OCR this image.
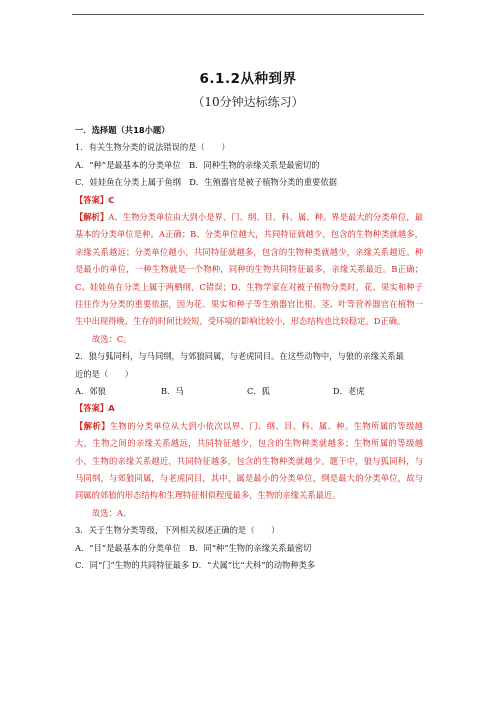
6.1.2从种到界
（10分钟达标练习）
一．选择题（共18小题）
1．有关生物分类的说法错误的是（　　）
A．“种”是最基本的分类单位　B．同种生物的亲缘关系是最密切的
C．娃娃鱼在分类上属于鱼纲　D．生殖器官是被子植物分类的重要依据
【答案】C
【解析】A、生物分类单位由大到小是界、门、纲、目、科、属、种。界是最大的分类单位，最基本的分类单位是种。A正确；B、分类单位越大，共同特征就越少，包含的生物种类就越多，亲缘关系越远；分类单位越小，共同特征就越多，包含的生物种类就越少，亲缘关系越近。种是最小的单位，一种生物就是一个物种，同种的生物共同特征最多，亲缘关系最近。B正确；C、娃娃鱼在分类上属于两栖纲，C错误；D、生物学家在对被子植物分类时，花、果实和种子往往作为分类的重要依据，因为花、果实和种子等生殖器官比根、茎、叶等营养器官在植物一生中出现得晚，生存的时间比较短，受环境的影响比较小，形态结构也比较稳定。D正确。
故选：C。
2．狼与狐同科，与马同纲，与郊狼同属，与老虎同目。在这些动物中，与狼的亲缘关系最
近的是（　　）
A．郊狼	B．马	C．狐	D．老虎
【答案】A
【解析】生物的分类单位从大到小依次以界、门、纲、目、科、属、种。生物所属的等级越大，生物之间的亲缘关系越远，共同特征越少，包含的生物种类就越多；生物所属的等级越小，生物的亲缘关系越近，共同特征越多，包含的生物种类就越少。题干中，狼与狐同科，与马同纲，与郊狼同属，与老虎同目，其中，属是最小的分类单位，纲是最大的分类单位，故与同属的郊狼的形态结构和生理特征相似程度最多，生物的亲缘关系最近。
故选：A。
3．关于生物分类等级，下列相关叙述正确的是（　　）
A．“目”是最基本的分类单位　B．同“种”生物的亲缘关系最密切
C．同“门”生物的共同特征最多 D．“犬属”比“犬科”的动物种类多
